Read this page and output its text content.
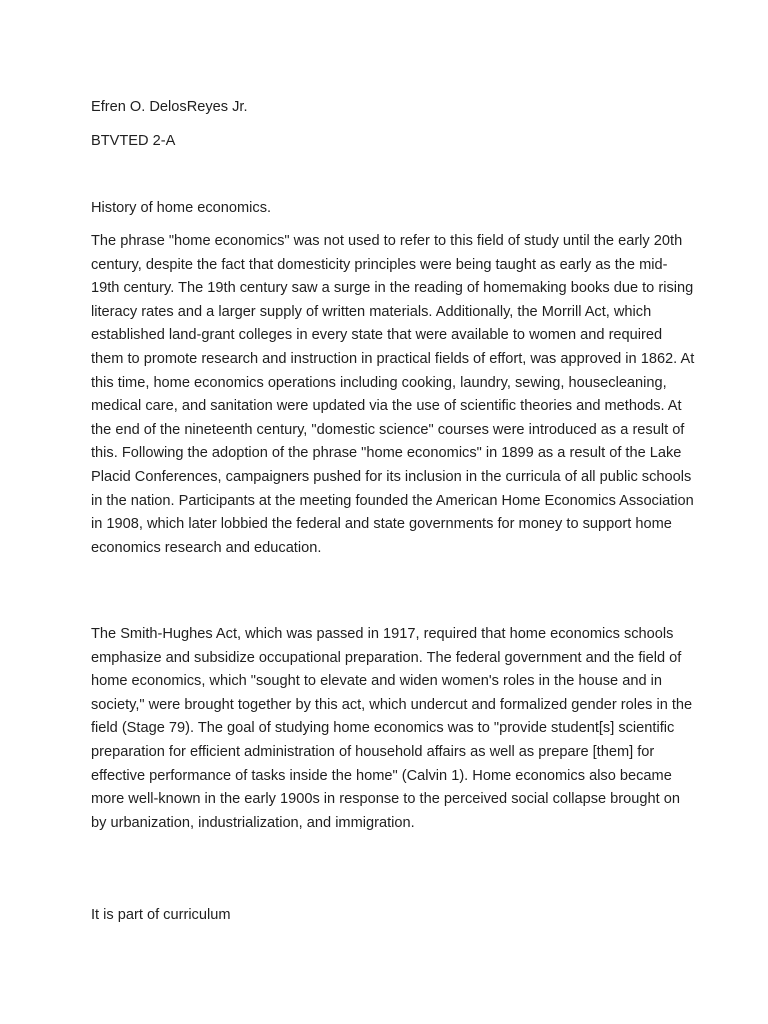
Efren O. DelosReyes Jr.

BTVTED 2-A

History of home economics.

The phrase "home economics" was not used to refer to this field of study until the early 20th century, despite the fact that domesticity principles were being taught as early as the mid-19th century. The 19th century saw a surge in the reading of homemaking books due to rising literacy rates and a larger supply of written materials. Additionally, the Morrill Act, which established land-grant colleges in every state that were available to women and required them to promote research and instruction in practical fields of effort, was approved in 1862. At this time, home economics operations including cooking, laundry, sewing, housecleaning, medical care, and sanitation were updated via the use of scientific theories and methods. At the end of the nineteenth century, "domestic science" courses were introduced as a result of this. Following the adoption of the phrase "home economics" in 1899 as a result of the Lake Placid Conferences, campaigners pushed for its inclusion in the curricula of all public schools in the nation. Participants at the meeting founded the American Home Economics Association in 1908, which later lobbied the federal and state governments for money to support home economics research and education.

The Smith-Hughes Act, which was passed in 1917, required that home economics schools emphasize and subsidize occupational preparation. The federal government and the field of home economics, which "sought to elevate and widen women's roles in the house and in society," were brought together by this act, which undercut and formalized gender roles in the field (Stage 79). The goal of studying home economics was to "provide student[s] scientific preparation for efficient administration of household affairs as well as prepare [them] for effective performance of tasks inside the home" (Calvin 1). Home economics also became more well-known in the early 1900s in response to the perceived social collapse brought on by urbanization, industrialization, and immigration.

It is part of curriculum
